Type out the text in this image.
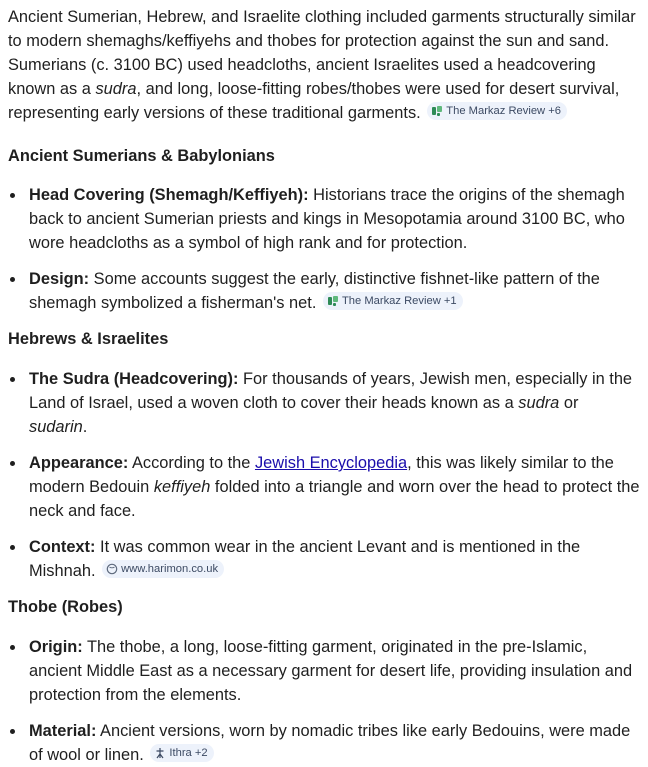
Ancient Sumerian, Hebrew, and Israelite clothing included garments structurally similar to modern shemaghs/keffiyehs and thobes for protection against the sun and sand. Sumerians (c. 3100 BC) used headcloths, ancient Israelites used a headcovering known as a sudra, and long, loose-fitting robes/thobes were used for desert survival, representing early versions of these traditional garments. The Markaz Review +6

Ancient Sumerians & Babylonians
Head Covering (Shemagh/Keffiyeh): Historians trace the origins of the shemagh back to ancient Sumerian priests and kings in Mesopotamia around 3100 BC, who wore headcloths as a symbol of high rank and for protection.
Design: Some accounts suggest the early, distinctive fishnet-like pattern of the shemagh symbolized a fisherman's net. The Markaz Review +1
Hebrews & Israelites
The Sudra (Headcovering): For thousands of years, Jewish men, especially in the Land of Israel, used a woven cloth to cover their heads known as a sudra or sudarin.
Appearance: According to the Jewish Encyclopedia, this was likely similar to the modern Bedouin keffiyeh folded into a triangle and worn over the head to protect the neck and face.
Context: It was common wear in the ancient Levant and is mentioned in the Mishnah. www.harimon.co.uk
Thobe (Robes)
Origin: The thobe, a long, loose-fitting garment, originated in the pre-Islamic, ancient Middle East as a necessary garment for desert life, providing insulation and protection from the elements.
Material: Ancient versions, worn by nomadic tribes like early Bedouins, were made of wool or linen. Ithra +2
